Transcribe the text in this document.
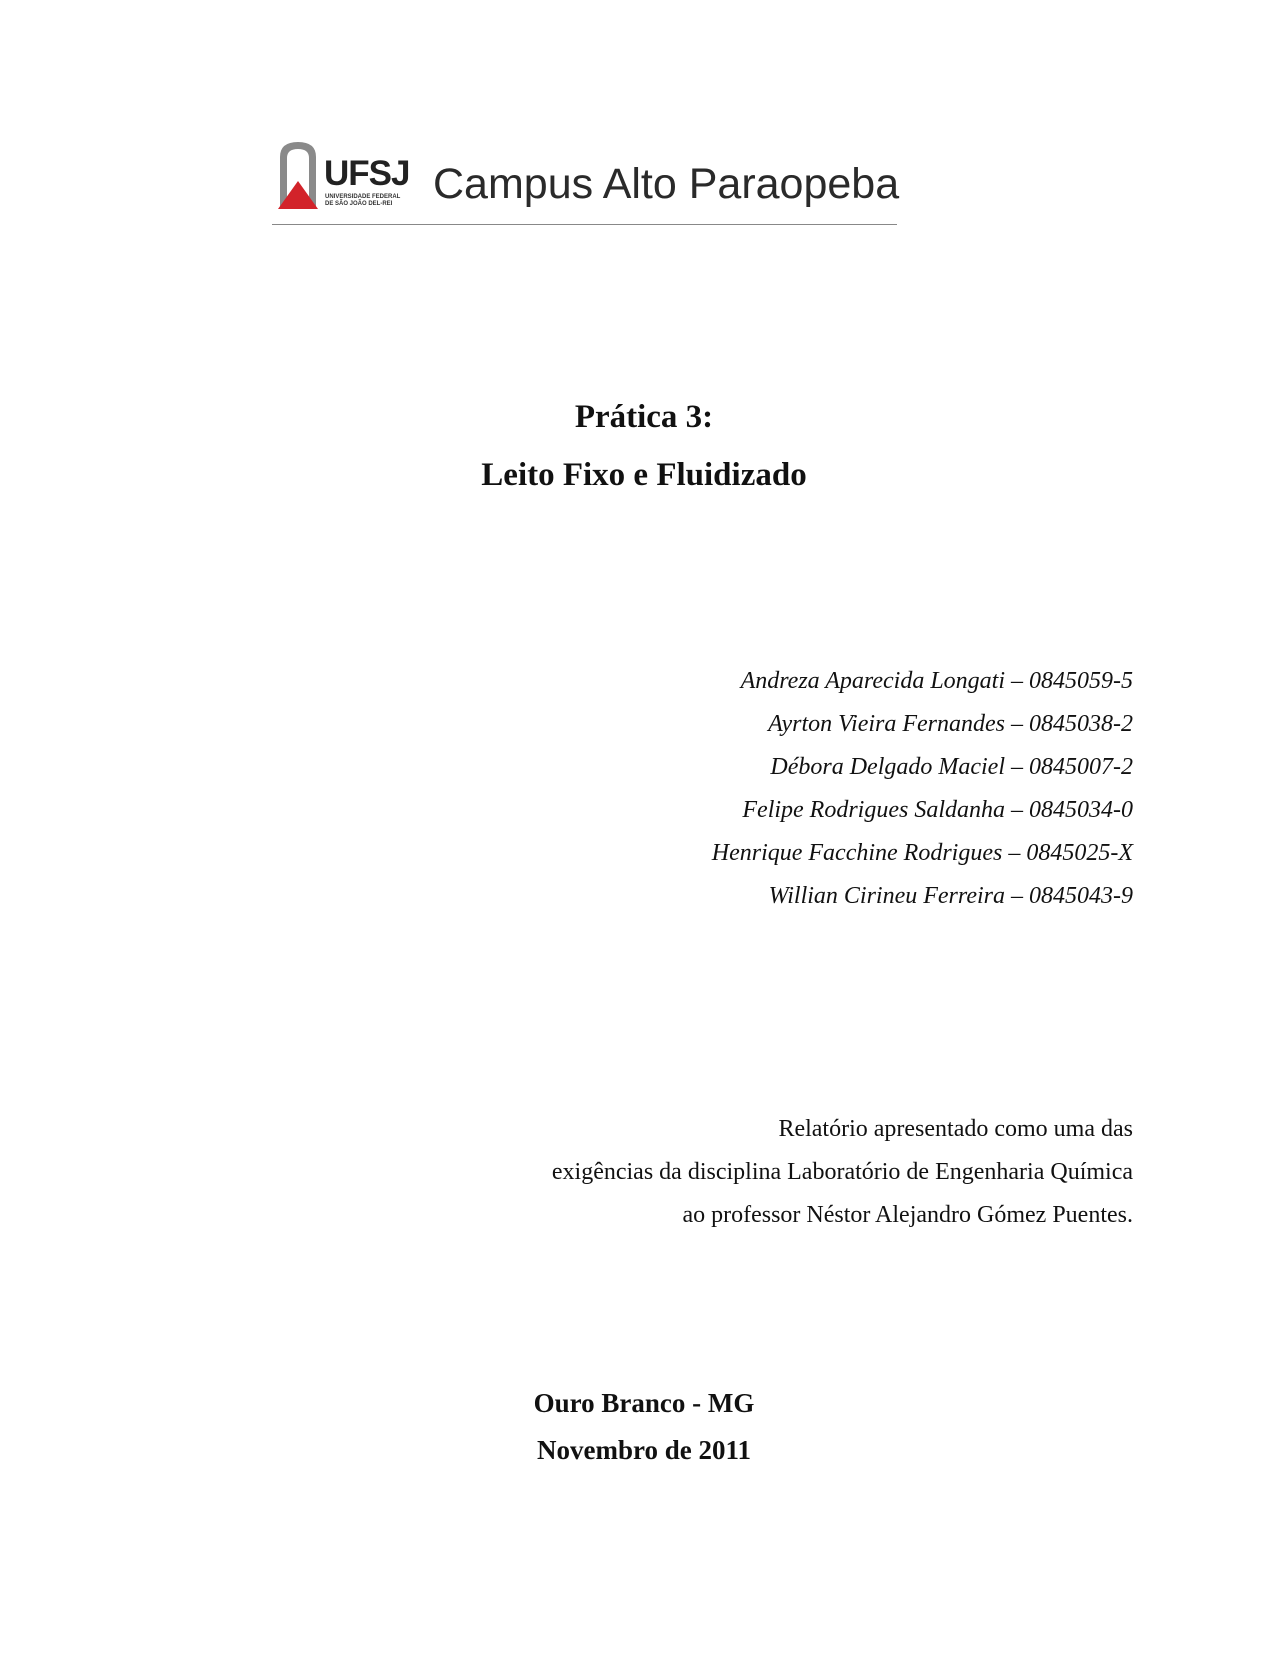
UFSJ
UNIVERSIDADE FEDERAL
DE SÃO JOÃO DEL-REI Campus Alto Paraopeba
Prática 3:
Leito Fixo e Fluidizado
Andreza Aparecida Longati – 0845059-5
Ayrton Vieira Fernandes – 0845038-2
Débora Delgado Maciel – 0845007-2
Felipe Rodrigues Saldanha – 0845034-0
Henrique Facchine Rodrigues – 0845025-X
Willian Cirineu Ferreira – 0845043-9
Relatório apresentado como uma das
exigências da disciplina Laboratório de Engenharia Química
ao professor Néstor Alejandro Gómez Puentes.
Ouro Branco - MG
Novembro de 2011
